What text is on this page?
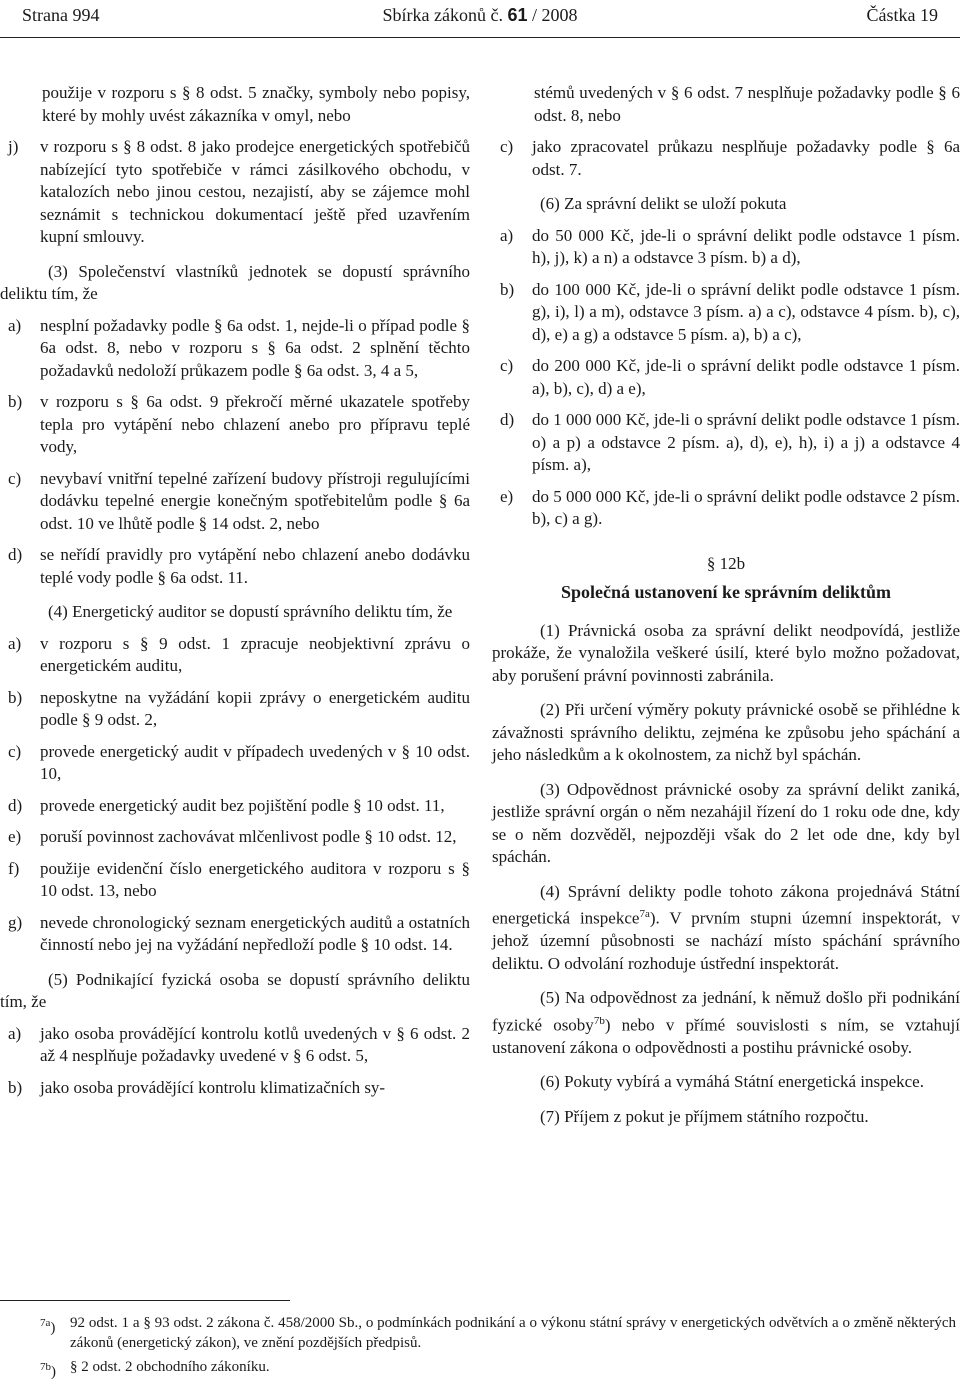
Strana 994	Sbírka zákonů č. 61 / 2008	Částka 19
použije v rozporu s § 8 odst. 5 značky, symboly nebo popisy, které by mohly uvést zákazníka v omyl, nebo
j)	v rozporu s § 8 odst. 8 jako prodejce energetických spotřebičů nabízející tyto spotřebiče v rámci zásilkového obchodu, v katalozích nebo jinou cestou, nezajistí, aby se zájemce mohl seznámit s technickou dokumentací ještě před uzavřením kupní smlouvy.
(3) Společenství vlastníků jednotek se dopustí správního deliktu tím, že
a)	nesplní požadavky podle § 6a odst. 1, nejde-li o případ podle § 6a odst. 8, nebo v rozporu s § 6a odst. 2 splnění těchto požadavků nedoloží průkazem podle § 6a odst. 3, 4 a 5,
b)	v rozporu s § 6a odst. 9 překročí měrné ukazatele spotřeby tepla pro vytápění nebo chlazení anebo pro přípravu teplé vody,
c)	nevybaví vnitřní tepelné zařízení budovy přístroji regulujícími dodávku tepelné energie konečným spotřebitelům podle § 6a odst. 10 ve lhůtě podle § 14 odst. 2, nebo
d)	se neřídí pravidly pro vytápění nebo chlazení anebo dodávku teplé vody podle § 6a odst. 11.
(4) Energetický auditor se dopustí správního deliktu tím, že
a)	v rozporu s § 9 odst. 1 zpracuje neobjektivní zprávu o energetickém auditu,
b)	neposkytne na vyžádání kopii zprávy o energetickém auditu podle § 9 odst. 2,
c)	provede energetický audit v případech uvedených v § 10 odst. 10,
d)	provede energetický audit bez pojištění podle § 10 odst. 11,
e)	poruší povinnost zachovávat mlčenlivost podle § 10 odst. 12,
f)	použije evidenční číslo energetického auditora v rozporu s § 10 odst. 13, nebo
g)	nevede chronologický seznam energetických auditů a ostatních činností nebo jej na vyžádání nepředloží podle § 10 odst. 14.
(5) Podnikající fyzická osoba se dopustí správního deliktu tím, že
a)	jako osoba provádějící kontrolu kotlů uvedených v § 6 odst. 2 až 4 nesplňuje požadavky uvedené v § 6 odst. 5,
b)	jako osoba provádějící kontrolu klimatizačních sy-
stémů uvedených v § 6 odst. 7 nesplňuje požadavky podle § 6 odst. 8, nebo
c)	jako zpracovatel průkazu nesplňuje požadavky podle § 6a odst. 7.
(6) Za správní delikt se uloží pokuta
a)	do 50 000 Kč, jde-li o správní delikt podle odstavce 1 písm. h), j), k) a n) a odstavce 3 písm. b) a d),
b)	do 100 000 Kč, jde-li o správní delikt podle odstavce 1 písm. g), i), l) a m), odstavce 3 písm. a) a c), odstavce 4 písm. b), c), d), e) a g) a odstavce 5 písm. a), b) a c),
c)	do 200 000 Kč, jde-li o správní delikt podle odstavce 1 písm. a), b), c), d) a e),
d)	do 1 000 000 Kč, jde-li o správní delikt podle odstavce 1 písm. o) a p) a odstavce 2 písm. a), d), e), h), i) a j) a odstavce 4 písm. a),
e)	do 5 000 000 Kč, jde-li o správní delikt podle odstavce 2 písm. b), c) a g).
§ 12b
Společná ustanovení ke správním deliktům
(1) Právnická osoba za správní delikt neodpovídá, jestliže prokáže, že vynaložila veškeré úsilí, které bylo možno požadovat, aby porušení právní povinnosti zabránila.
(2) Při určení výměry pokuty právnické osobě se přihlédne k závažnosti správního deliktu, zejména ke způsobu jeho spáchání a jeho následkům a k okolnostem, za nichž byl spáchán.
(3) Odpovědnost právnické osoby za správní delikt zaniká, jestliže správní orgán o něm nezahájil řízení do 1 roku ode dne, kdy se o něm dozvěděl, nejpozději však do 2 let ode dne, kdy byl spáchán.
(4) Správní delikty podle tohoto zákona projednává Státní energetická inspekce$^{7a}$). V prvním stupni územní inspektorát, v jehož územní působnosti se nachází místo spáchání správního deliktu. O odvolání rozhoduje ústřední inspektorát.
(5) Na odpovědnost za jednání, k němuž došlo při podnikání fyzické osoby$^{7b}$) nebo v přímé souvislosti s ním, se vztahují ustanovení zákona o odpovědnosti a postihu právnické osoby.
(6) Pokuty vybírá a vymáhá Státní energetická inspekce.
(7) Příjem z pokut je příjmem státního rozpočtu.
$^{7a}$) 92 odst. 1 a § 93 odst. 2 zákona č. 458/2000 Sb., o podmínkách podnikání a o výkonu státní správy v energetických odvětvích a o změně některých zákonů (energetický zákon), ve znění pozdějších předpisů.
$^{7b}$) § 2 odst. 2 obchodního zákoníku.
